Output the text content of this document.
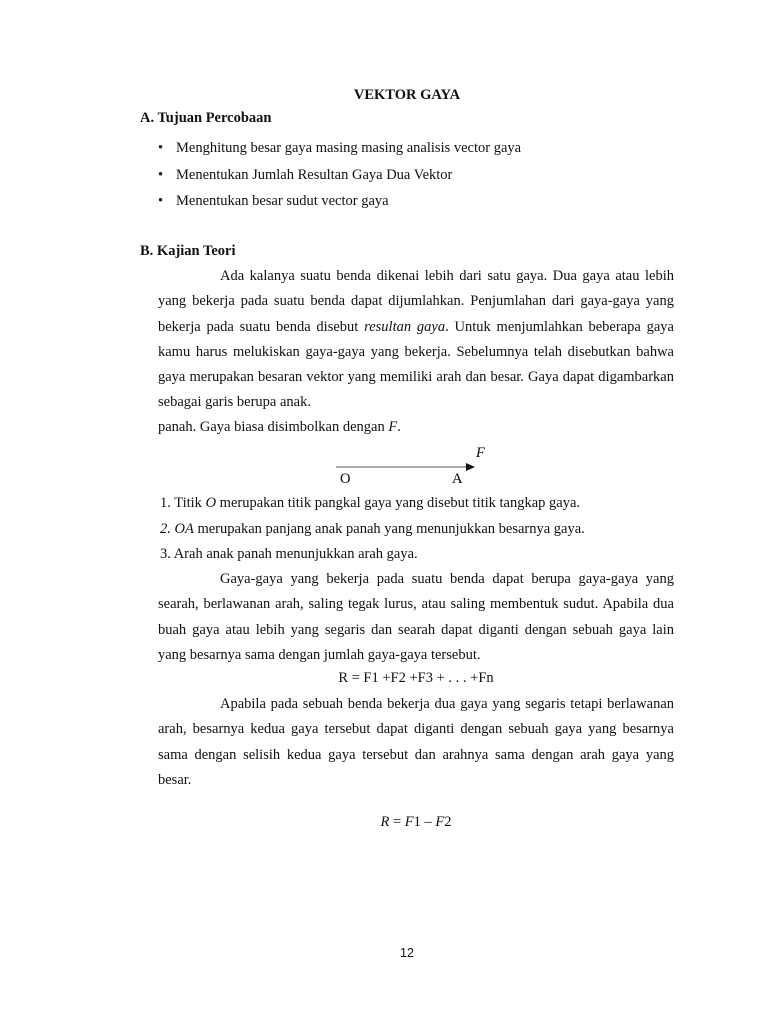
VEKTOR GAYA
A. Tujuan Percobaan
• Menghitung besar gaya masing masing analisis vector gaya
• Menentukan Jumlah Resultan Gaya Dua Vektor
• Menentukan besar sudut vector gaya
B. Kajian Teori
Ada kalanya suatu benda dikenai lebih dari satu gaya. Dua gaya atau lebih yang bekerja pada suatu benda dapat dijumlahkan. Penjumlahan dari gaya-gaya yang bekerja pada suatu benda disebut resultan gaya. Untuk menjumlahkan beberapa gaya kamu harus melukiskan gaya-gaya yang bekerja. Sebelumnya telah disebutkan bahwa gaya merupakan besaran vektor yang memiliki arah dan besar. Gaya dapat digambarkan sebagai garis berupa anak.
panah. Gaya biasa disimbolkan dengan F.
F
O	A
1. Titik O merupakan titik pangkal gaya yang disebut titik tangkap gaya.
2. OA merupakan panjang anak panah yang menunjukkan besarnya gaya.
3. Arah anak panah menunjukkan arah gaya.
Gaya-gaya yang bekerja pada suatu benda dapat berupa gaya-gaya yang searah, berlawanan arah, saling tegak lurus, atau saling membentuk sudut. Apabila dua buah gaya atau lebih yang segaris dan searah dapat diganti dengan sebuah gaya lain yang besarnya sama dengan jumlah gaya-gaya tersebut.
R = F1 +F2 +F3 + . . . +Fn
Apabila pada sebuah benda bekerja dua gaya yang segaris tetapi berlawanan arah, besarnya kedua gaya tersebut dapat diganti dengan sebuah gaya yang besarnya sama dengan selisih kedua gaya tersebut dan arahnya sama dengan arah gaya yang besar.
R = F1 – F2
12
